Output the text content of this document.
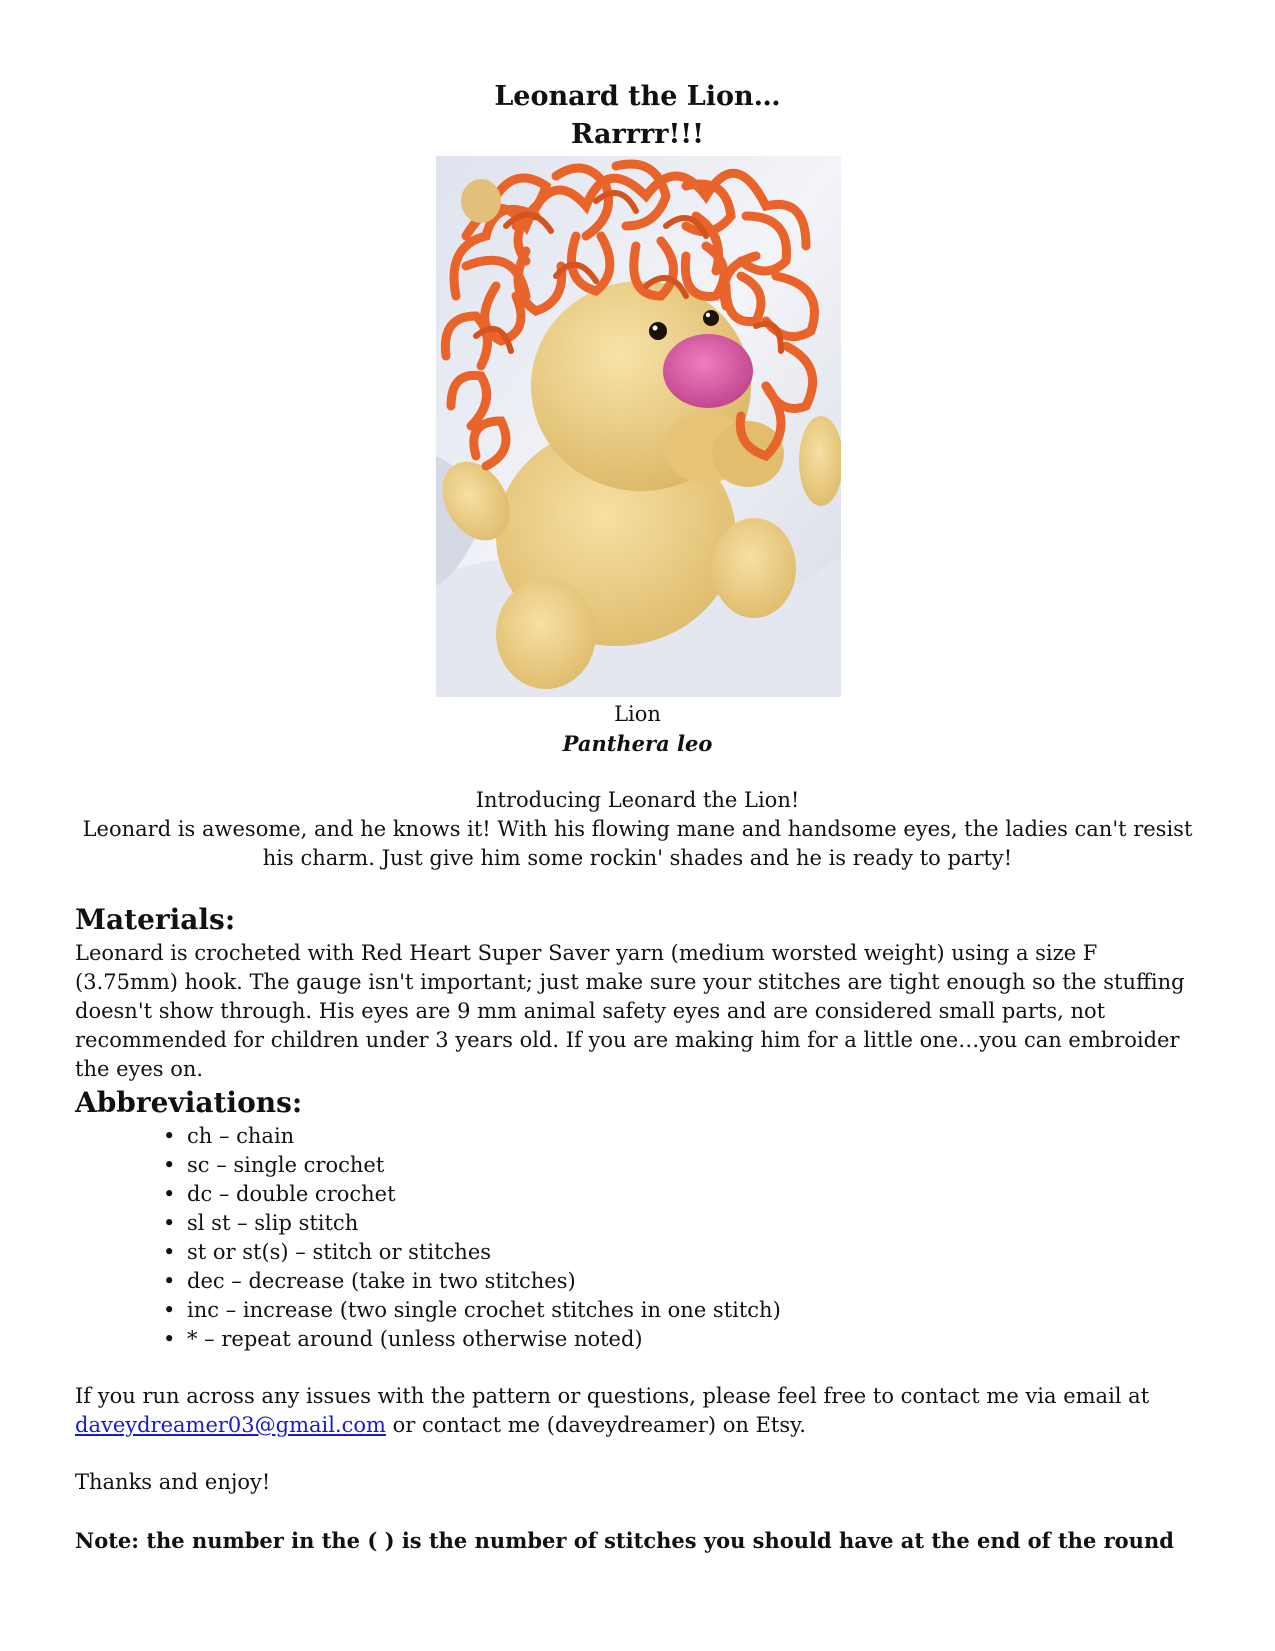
Leonard the Lion…
Rarrrr!!!
Lion
Panthera leo

Introducing Leonard the Lion!

Leonard is awesome, and he knows it! With his flowing mane and handsome eyes, the ladies can't resist his charm. Just give him some rockin' shades and he is ready to party!

Materials:

Leonard is crocheted with Red Heart Super Saver yarn (medium worsted weight) using a size F (3.75mm) hook. The gauge isn't important; just make sure your stitches are tight enough so the stuffing doesn't show through. His eyes are 9 mm animal safety eyes and are considered small parts, not recommended for children under 3 years old. If you are making him for a little one…you can embroider the eyes on.

Abbreviations:
• ch – chain
• sc – single crochet
• dc – double crochet
• sl st – slip stitch
• st or st(s) – stitch or stitches
• dec – decrease (take in two stitches)
• inc – increase (two single crochet stitches in one stitch)
• * – repeat around (unless otherwise noted)

If you run across any issues with the pattern or questions, please feel free to contact me via email at daveydreamer03@gmail.com or contact me (daveydreamer) on Etsy.

Thanks and enjoy!

Note: the number in the ( ) is the number of stitches you should have at the end of the round
